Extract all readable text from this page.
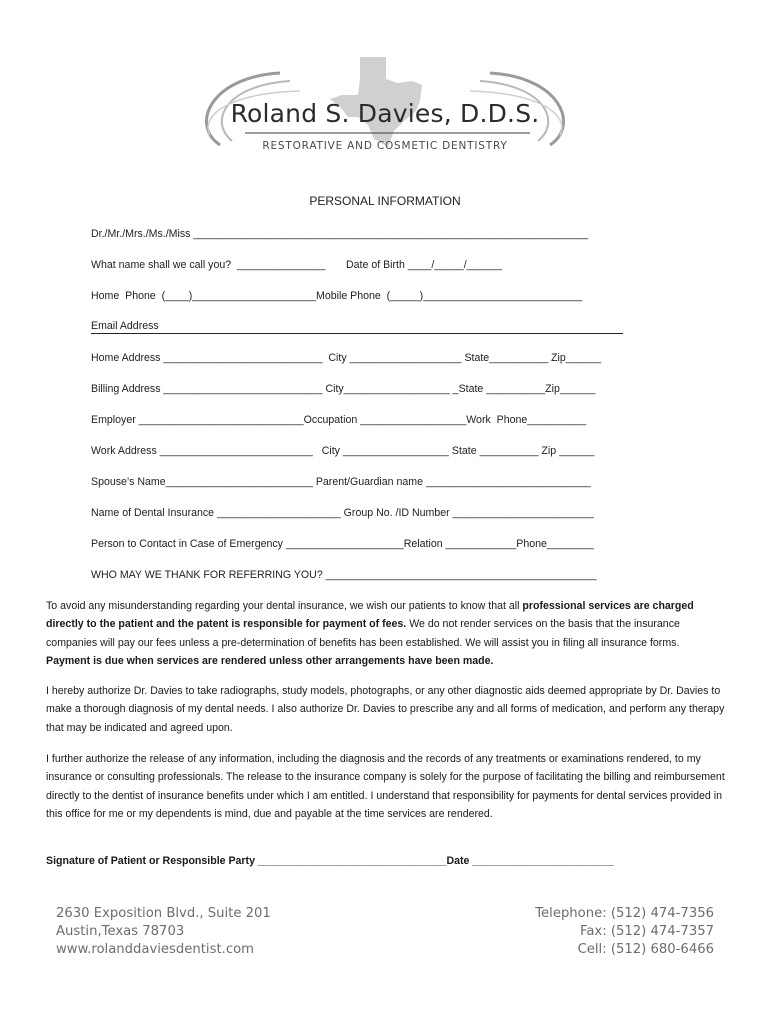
Roland S. Davies, D.D.S.
RESTORATIVE AND COSMETIC DENTISTRY
PERSONAL INFORMATION
Dr./Mr./Mrs./Ms./Miss ___________________________________________________________________
What name shall we call you?  _______________       Date of Birth ____/_____/______
Home  Phone  (____)_____________________Mobile Phone  (_____)___________________________
Email Address
Home Address ___________________________  City ___________________ State__________ Zip______
Billing Address ___________________________ City__________________ _State __________Zip______
Employer ____________________________Occupation __________________Work  Phone__________
Work Address __________________________   City __________________ State __________ Zip ______
Spouse’s Name_________________________ Parent/Guardian name ____________________________
Name of Dental Insurance _____________________ Group No. /ID Number ________________________
Person to Contact in Case of Emergency ____________________Relation ____________Phone________
WHO MAY WE THANK FOR REFERRING YOU? ______________________________________________
To avoid any misunderstanding regarding your dental insurance, we wish our patients to know that all professional services are charged directly to the patient and the patent is responsible for payment of fees. We do not render services on the basis that the insurance companies will pay our fees unless a pre-determination of benefits has been established. We will assist you in filing all insurance forms. Payment is due when services are rendered unless other arrangements have been made.
I hereby authorize Dr. Davies to take radiographs, study models, photographs, or any other diagnostic aids deemed appropriate by Dr. Davies to make a thorough diagnosis of my dental needs. I also authorize Dr. Davies to prescribe any and all forms of medication, and perform any therapy that may be indicated and agreed upon.
I further authorize the release of any information, including the diagnosis and the records of any treatments or examinations rendered, to my insurance or consulting professionals. The release to the insurance company is solely for the purpose of facilitating the billing and reimbursement directly to the dentist of insurance benefits under which I am entitled. I understand that responsibility for payments for dental services provided in this office for me or my dependents is mind, due and payable at the time services are rendered.
Signature of Patient or Responsible Party ________________________________Date ________________________
2630 Exposition Blvd., Suite 201
Austin,Texas 78703
www.rolanddaviesdentist.com
Telephone: (512) 474-7356
Fax: (512) 474-7357
Cell: (512) 680-6466
